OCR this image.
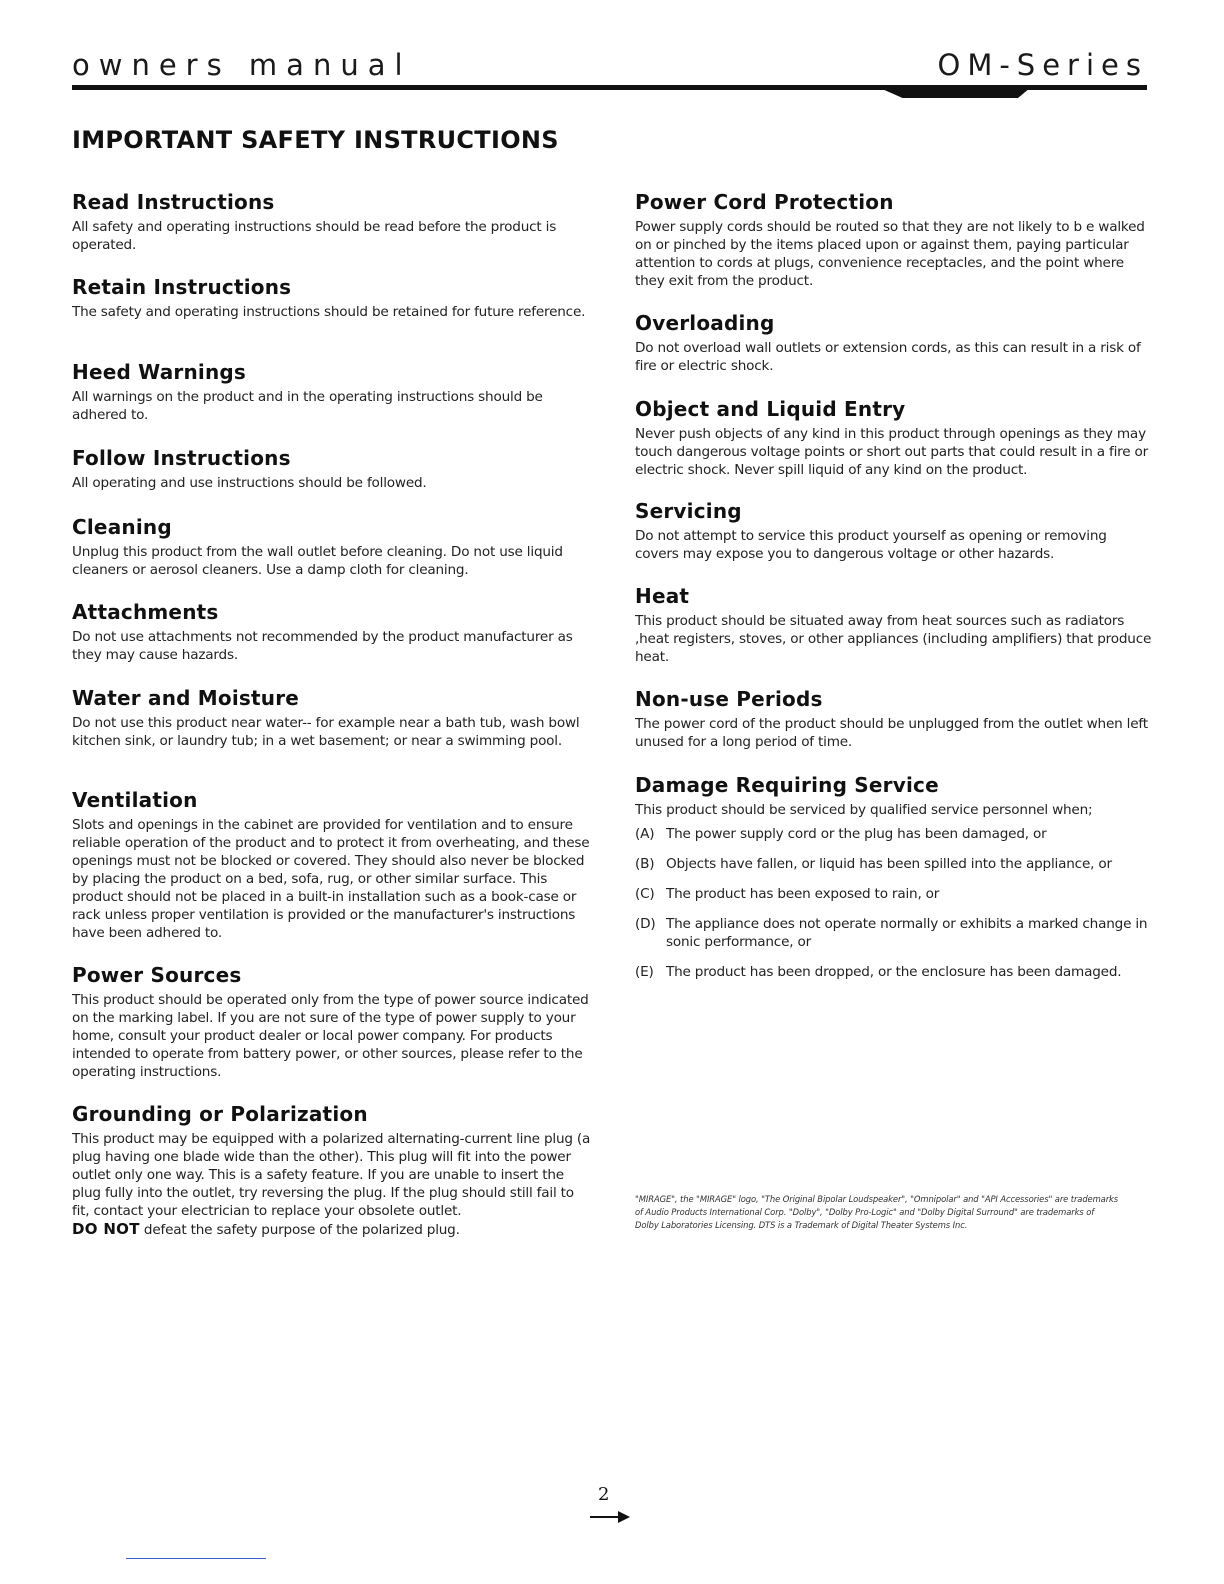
owners manual	OM-Series
IMPORTANT SAFETY INSTRUCTIONS
Read Instructions

All safety and operating instructions should be read before the product is operated.

Retain Instructions

The safety and operating instructions should be retained for future reference.

Heed Warnings

All warnings on the product and in the operating instructions should be adhered to.

Follow Instructions

All operating and use instructions should be followed.

Cleaning

Unplug this product from the wall outlet before cleaning. Do not use liquid cleaners or aerosol cleaners. Use a damp cloth for cleaning.

Attachments

Do not use attachments not recommended by the product manufacturer as they may cause hazards.

Water and Moisture

Do not use this product near water-- for example near a bath tub, wash bowl kitchen sink, or laundry tub; in a wet basement; or near a swimming pool.

Ventilation

Slots and openings in the cabinet are provided for ventilation and to ensure reliable operation of the product and to protect it from overheating, and these openings must not be blocked or covered. They should also never be blocked by placing the product on a bed, sofa, rug, or other similar surface. This product should not be placed in a built-in installation such as a book-case or rack unless proper ventilation is provided or the manufacturer's instructions have been adhered to.

Power Sources

This product should be operated only from the type of power source indicated on the marking label. If you are not sure of the type of power supply to your home, consult your product dealer or local power company. For products intended to operate from battery power, or other sources, please refer to the operating instructions.

Grounding or Polarization

This product may be equipped with a polarized alternating-current line plug (a plug having one blade wide than the other). This plug will fit into the power outlet only one way. This is a safety feature. If you are unable to insert the plug fully into the outlet, try reversing the plug. If the plug should still fail to fit, contact your electrician to replace your obsolete outlet.
DO NOT defeat the safety purpose of the polarized plug.

Power Cord Protection

Power supply cords should be routed so that they are not likely to b e walked on or pinched by the items placed upon or against them, paying particular attention to cords at plugs, convenience receptacles, and the point where they exit from the product.

Overloading

Do not overload wall outlets or extension cords, as this can result in a risk of fire or electric shock.

Object and Liquid Entry

Never push objects of any kind in this product through openings as they may touch dangerous voltage points or short out parts that could result in a fire or electric shock. Never spill liquid of any kind on the product.

Servicing

Do not attempt to service this product yourself as opening or removing covers may expose you to dangerous voltage or other hazards.

Heat

This product should be situated away from heat sources such as radiators ,heat registers, stoves, or other appliances (including amplifiers) that produce heat.

Non-use Periods

The power cord of the product should be unplugged from the outlet when left unused for a long period of time.

Damage Requiring Service

This product should be serviced by qualified service personnel when;

(A) The power supply cord or the plug has been damaged, or
(B) Objects have fallen, or liquid has been spilled into the appliance, or
(C) The product has been exposed to rain, or
(D) The appliance does not operate normally or exhibits a marked change in sonic performance, or
(E) The product has been dropped, or the enclosure has been damaged.

"MIRAGE", the "MIRAGE" logo, "The Original Bipolar Loudspeaker", "Omnipolar" and "API Accessories" are trademarks of Audio Products International Corp. "Dolby", "Dolby Pro-Logic" and "Dolby Digital Surround" are trademarks of Dolby Laboratories Licensing. DTS is a Trademark of Digital Theater Systems Inc.

2
